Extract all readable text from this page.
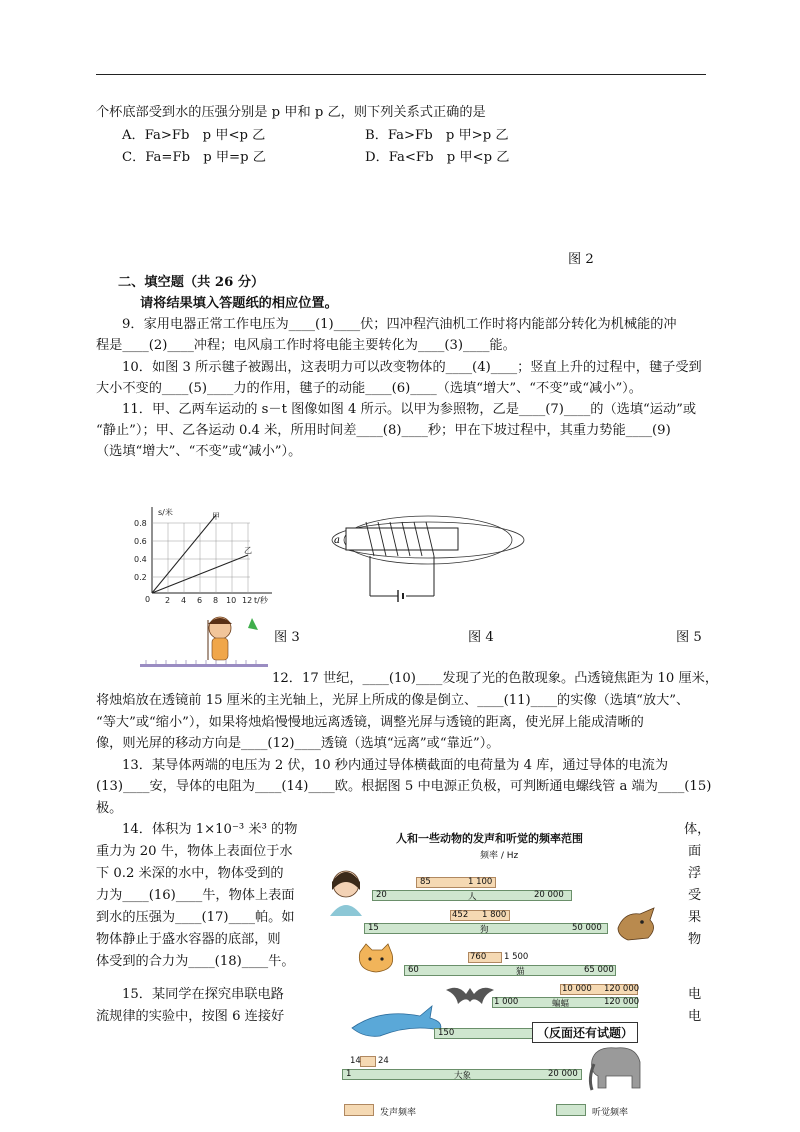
个杯底部受到水的压强分别是 p 甲和 p 乙，则下列关系式正确的是
A．Fa>Fb　p 甲<p 乙	B．Fa>Fb　p 甲>p 乙
C．Fa=Fb　p 甲=p 乙	D．Fa<Fb　p 甲<p 乙
图 2
二、填空题（共 26 分）
请将结果填入答题纸的相应位置。
9．家用电器正常工作电压为____(1)____伏；四冲程汽油机工作时将内能部分转化为机械能的冲
程是____(2)____冲程；电风扇工作时将电能主要转化为____(3)____能。
10．如图 3 所示毽子被踢出，这表明力可以改变物体的____(4)____；竖直上升的过程中，毽子受到
大小不变的____(5)____力的作用，毽子的动能____(6)____（选填“增大”、“不变”或“减小”）。
11．甲、乙两车运动的 s－t 图像如图 4 所示。以甲为参照物，乙是____(7)____的（选填“运动”或
“静止”）；甲、乙各运动 0.4 米，所用时间差____(8)____秒；甲在下坡过程中，其重力势能____(9)
（选填“增大”、“不变”或“减小”）。
s/米
t/秒
0.8
0.6
0.4
0.2
0 2 4 6 8 10 12
甲
乙
a
图 3	图 4	图 5
12．17 世纪，____(10)____发现了光的色散现象。凸透镜焦距为 10 厘米，
将烛焰放在透镜前 15 厘米的主光轴上，光屏上所成的像是倒立、____(11)____的实像（选填“放大”、
“等大”或“缩小”），如果将烛焰慢慢地远离透镜，调整光屏与透镜的距离，使光屏上能成清晰的
像，则光屏的移动方向是____(12)____透镜（选填“远离”或“靠近”）。
13．某导体两端的电压为 2 伏，10 秒内通过导体横截面的电荷量为 4 库，通过导体的电流为
(13)____安，导体的电阻为____(14)____欧。根据图 5 中电源正负极，可判断通电螺线管 a 端为____(15)
极。
14．体积为 1×10⁻³ 米³ 的物
重力为 20 牛，物体上表面位于水
下 0.2 米深的水中，物体受到的
力为____(16)____牛，物体上表面
到水的压强为____(17)____帕。如
物体静止于盛水容器的底部，则
体受到的合力为____(18)____牛。
体，
面
浮
受
果
物
15．某同学在探究串联电路
流规律的实验中，按图 6 连接好
电
电
人和一些动物的发声和听觉的频率范围
频率 / Hz
85	1 100
20	人	20 000
452 1 800
15	狗	50 000
760 1 500
60	猫	65 000
10 000 120 000
1 000	蝙蝠	120 000
150	（反面还有试题）
14 24
1	大象	20 000
发声频率	听觉频率
